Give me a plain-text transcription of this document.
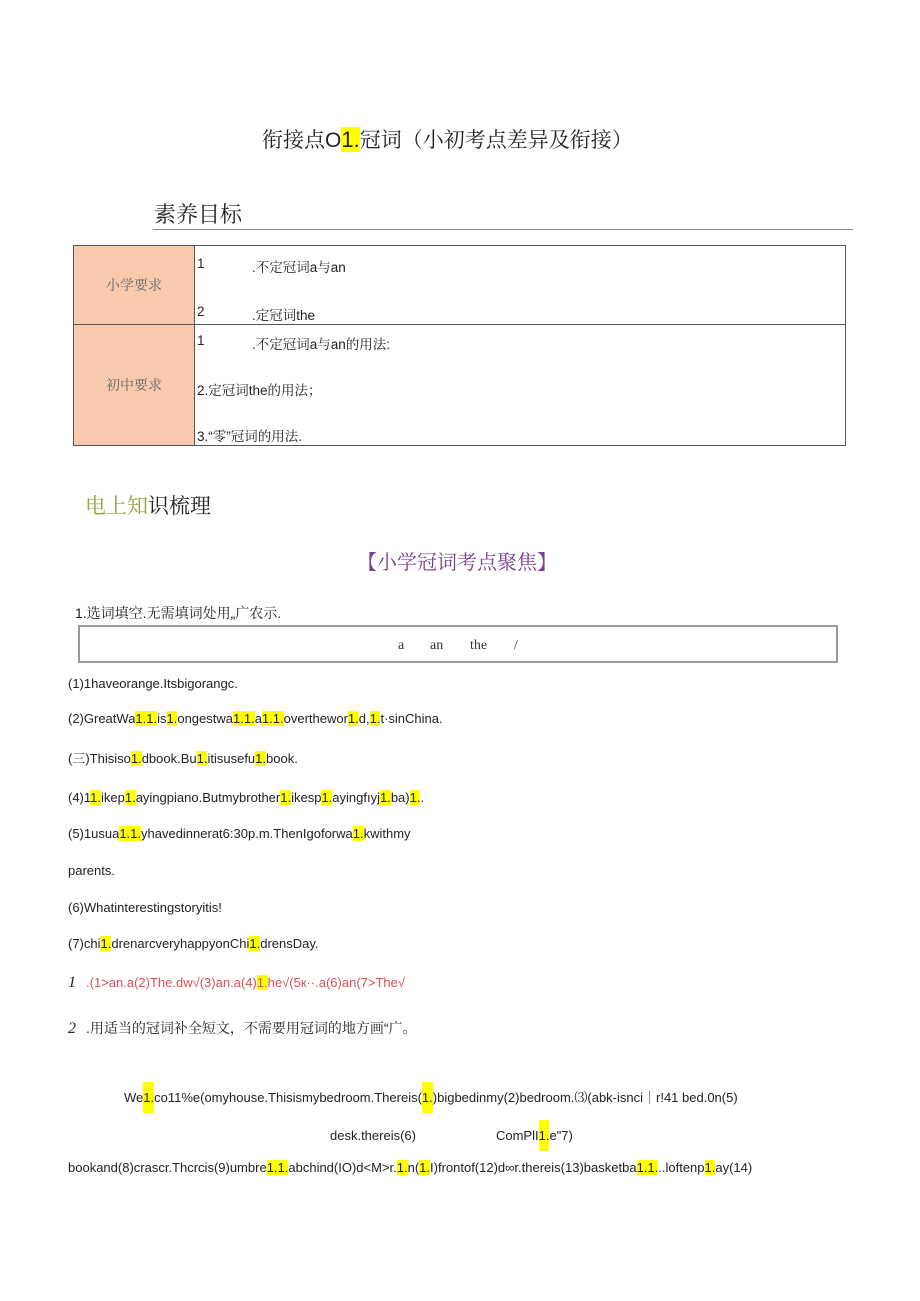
衔接点O1.冠词（小初考点差异及衔接）
素养目标
小学要求	1 .不定冠词a与an
2 .定冠词the

初中要求	1 .不定冠词a与an的用法:
2.定冠词the的用法；
3.“零”冠词的用法.
电上知识梳理
【小学冠词考点聚焦】
1.选词填空.无需填词处用„广农示.
a an the /
(1)1haveorange.Itsbigorangc.
(2)GreatWa1.1.is1.ongestwa1.1.a1.1.overthewor1.d,1.t·sinChina.
(三)Thisiso1.dbook.Bu1.itisusefu1.book.
(4)11.ikep1.ayingpiano.Butmybrother1.ikesp1.ayingfıyj1.ba)1..
(5)1usua1.1.yhavedinnerat6:30p.m.ThenIgoforwa1.kwithmy
parents.
(6)Whatinterestingstoryitis!
(7)chi1.drenarcveryhappyonChi1.drensDay.
1 .(1>an.a(2)The.dw√(3)an.a(4)1.he√(5к··.a(6)an(7>The√
2 .用适当的冠词补全短文，不需要用冠词的地方画“广。
We1.co11%e(omyhouse.Thisismybedroom.Thereis(1.)bigbedinmy(2)bedroom.⑶(abk-isnci｜r!41 bed.0n(5)
desk.thereis(6)	ComPlI1.e"7)
bookand(8)crascr.Thcrcis(9)umbre1.1.abchind(IO)d<M>r.1.n(1.I)frontof(12)d∞r.thereis(13)basketba1.1...loftenp1.ay(14)
